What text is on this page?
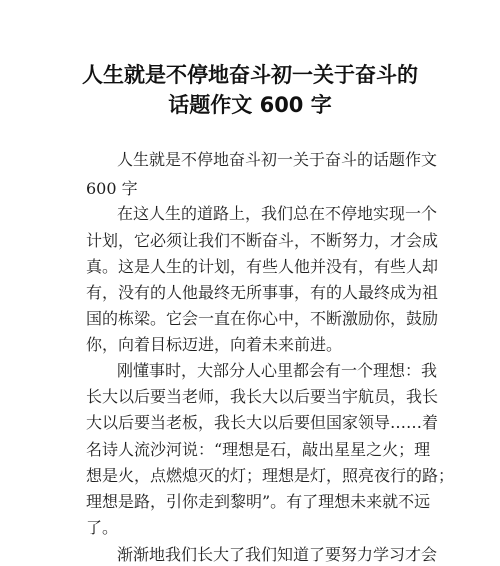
人生就是不停地奋斗初一关于奋斗的
话题作文 600 字
人生就是不停地奋斗初一关于奋斗的话题作文
600 字
在这人生的道路上，我们总在不停地实现一个
计划，它必须让我们不断奋斗，不断努力，才会成
真。这是人生的计划，有些人他并没有，有些人却
有，没有的人他最终无所事事，有的人最终成为祖
国的栋梁。它会一直在你心中，不断激励你，鼓励
你，向着目标迈进，向着未来前进。
刚懂事时，大部分人心里都会有一个理想：我
长大以后要当老师，我长大以后要当宇航员，我长
大以后要当老板，我长大以后要但国家领导……着
名诗人流沙河说：“理想是石，敲出星星之火；理
想是火，点燃熄灭的灯；理想是灯，照亮夜行的路；
理想是路，引你走到黎明”。有了理想未来就不远
了。
渐渐地我们长大了我们知道了要努力学习才会
